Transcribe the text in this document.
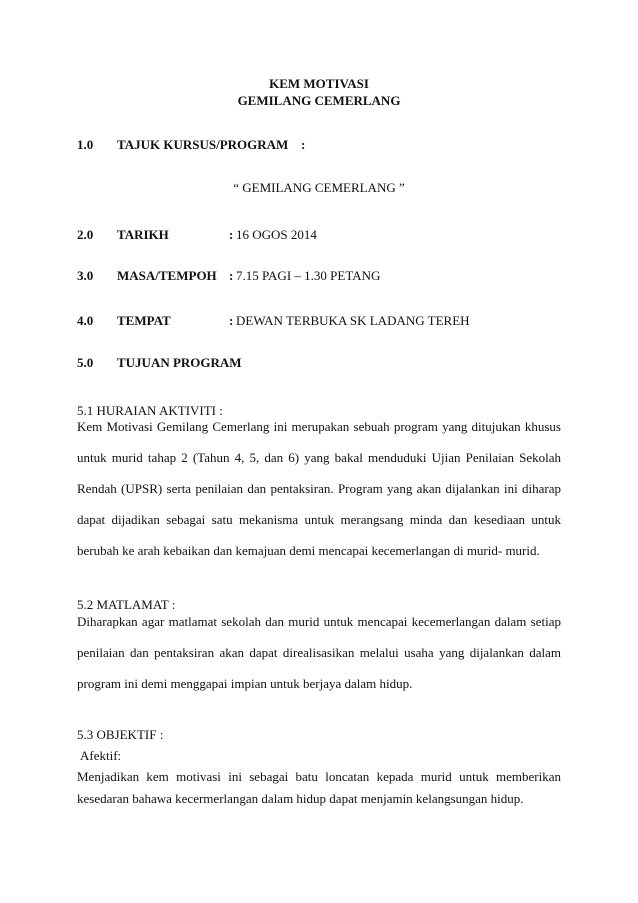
KEM MOTIVASI
GEMILANG CEMERLANG
1.0 TAJUK KURSUS/PROGRAM :
“ GEMILANG CEMERLANG ”
2.0 TARIKH	: 16 OGOS 2014
3.0 MASA/TEMPOH : 7.15 PAGI – 1.30 PETANG
4.0 TEMPAT	: DEWAN TERBUKA SK LADANG TEREH
5.0 TUJUAN PROGRAM
5.1 HURAIAN AKTIVITI :
Kem Motivasi Gemilang Cemerlang ini merupakan sebuah program yang ditujukan khusus
untuk murid tahap 2 (Tahun 4, 5, dan 6) yang bakal menduduki Ujian Penilaian Sekolah
Rendah (UPSR) serta penilaian dan pentaksiran. Program yang akan dijalankan ini diharap
dapat dijadikan sebagai satu mekanisma untuk merangsang minda dan kesediaan untuk
berubah ke arah kebaikan dan kemajuan demi mencapai kecemerlangan di murid- murid.
5.2 MATLAMAT :
Diharapkan agar matlamat sekolah dan murid untuk mencapai kecemerlangan dalam setiap
penilaian dan pentaksiran akan dapat direalisasikan melalui usaha yang dijalankan dalam
program ini demi menggapai impian untuk berjaya dalam hidup.
5.3 OBJEKTIF :
Afektif:
Menjadikan kem motivasi ini sebagai batu loncatan kepada murid untuk memberikan
kesedaran bahawa kecermerlangan dalam hidup dapat menjamin kelangsungan hidup.
